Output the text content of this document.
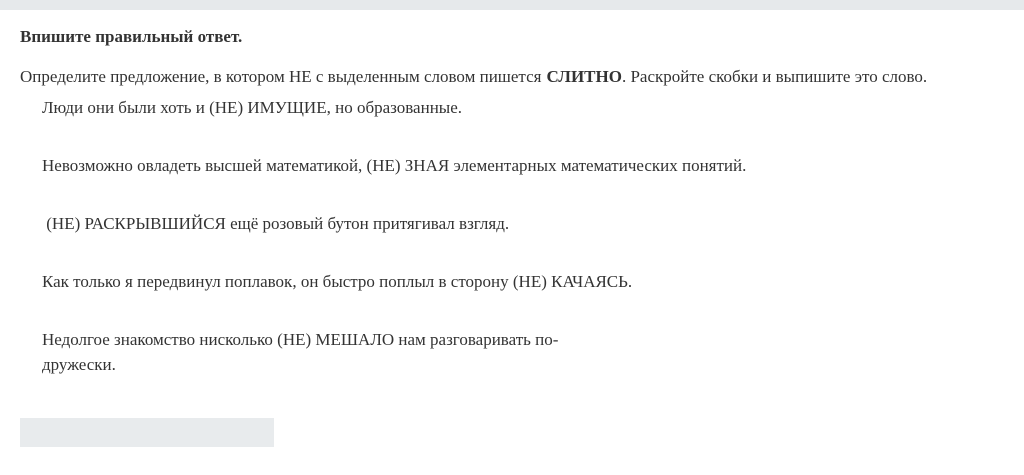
Впишите правильный ответ.

Определите предложение, в котором НЕ с выделенным словом пишется СЛИТНО. Раскройте скобки и выпишите это слово.

Люди они были хоть и (НЕ) ИМУЩИЕ, но образованные.

Невозможно овладеть высшей математикой, (НЕ) ЗНАЯ элементарных математических понятий.

(НЕ) РАСКРЫВШИЙСЯ ещё розовый бутон притягивал взгляд.

Как только я передвинул поплавок, он быстро поплыл в сторону (НЕ) КАЧАЯСЬ.

Недолгое знакомство нисколько (НЕ) МЕШАЛО нам разговаривать по-дружески.
